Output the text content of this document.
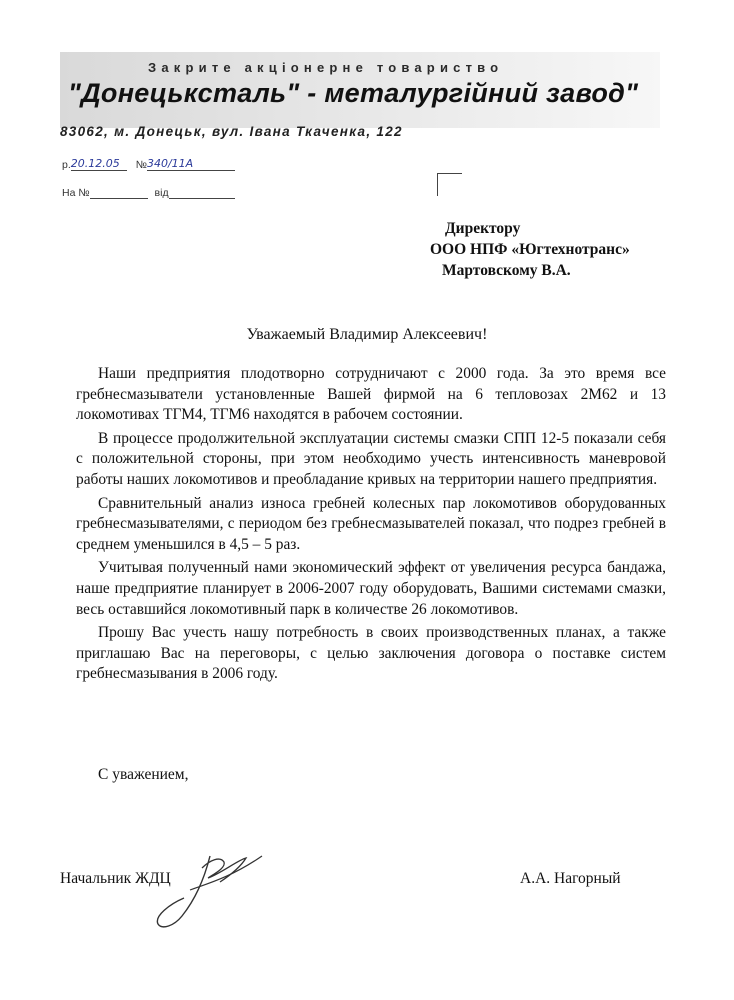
Закрите акціонерне товариство
"Донецьксталь" - металургійний завод"
83062, м. Донецьк, вул. Івана Ткаченка, 122
р.20.12.05 №340/11А
На №	від
Директору
ООО НПФ «Югтехнотранс»
Мартовскому В.А.
Уважаемый Владимир Алексеевич!

Наши предприятия плодотворно сотрудничают с 2000 года. За это время все гребнесмазыватели установленные Вашей фирмой на 6 тепловозах 2М62 и 13 локомотивах ТГМ4, ТГМ6 находятся в рабочем состоянии.

В процессе продолжительной эксплуатации системы смазки СПП 12-5 показали себя с положительной стороны, при этом необходимо учесть интенсивность маневровой работы наших локомотивов и преобладание кривых на территории нашего предприятия.

Сравнительный анализ износа гребней колесных пар локомотивов оборудованных гребнесмазывателями, с периодом без гребнесмазывателей показал, что подрез гребней в среднем уменьшился в 4,5 – 5 раз.

Учитывая полученный нами экономический эффект от увеличения ресурса бандажа, наше предприятие планирует в 2006-2007 году оборудовать, Вашими системами смазки, весь оставшийся локомотивный парк в количестве 26 локомотивов.

Прошу Вас учесть нашу потребность в своих производственных планах, а также приглашаю Вас на переговоры, с целью заключения договора о поставке систем гребнесмазывания в 2006 году.

С уважением,
Начальник ЖДЦ	А.А. Нагорный
